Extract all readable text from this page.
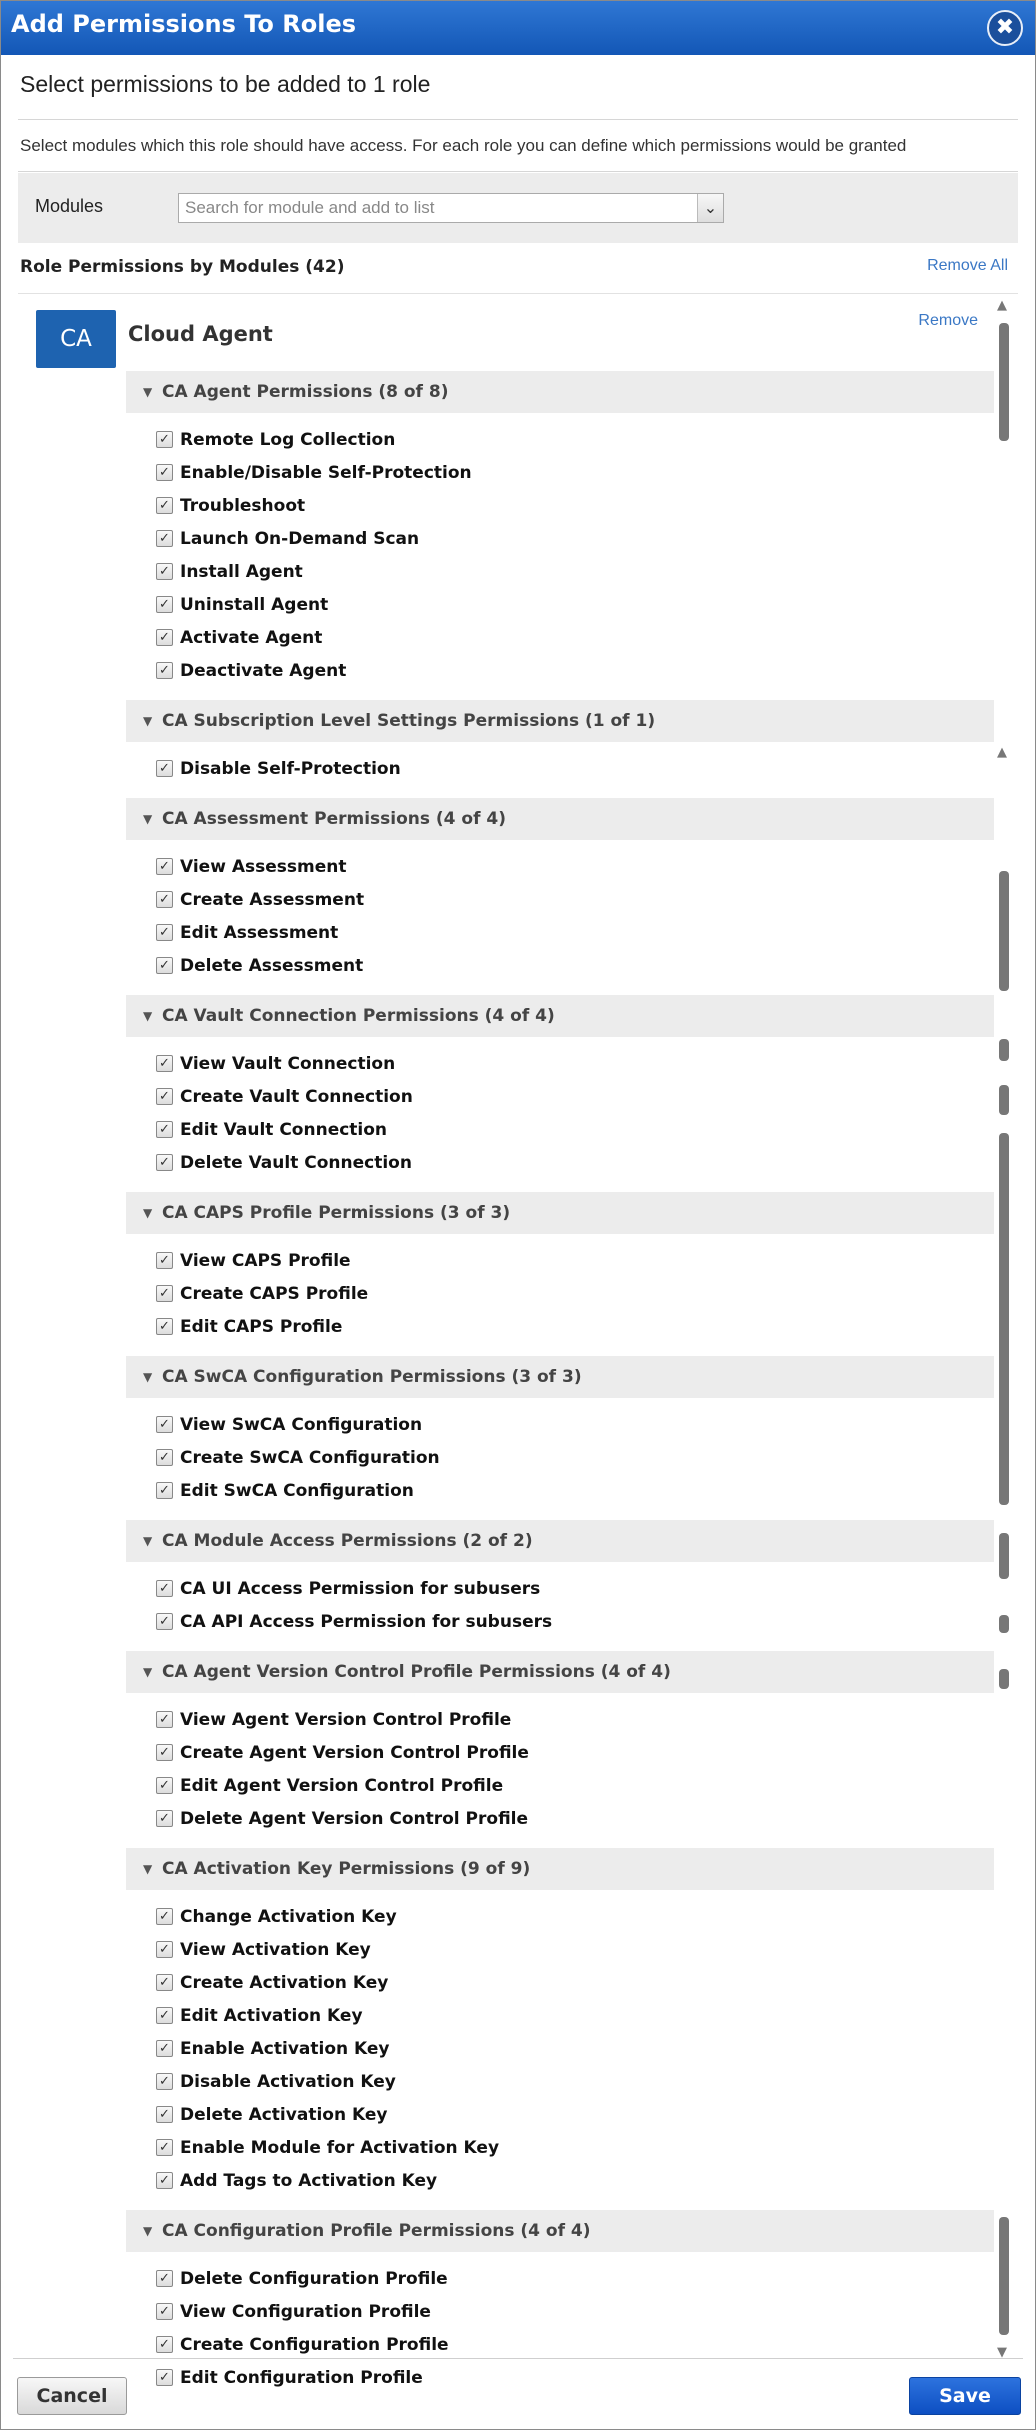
Add Permissions To Roles	✖
Select permissions to be added to 1 role
Select modules which this role should have access. For each role you can define which permissions would be granted
Modules
Search for module and add to list	⌄
Role Permissions by Modules (42)	Remove All
CA	Cloud Agent
Remove
▼ CA Agent Permissions (8 of 8)
✓ Remote Log Collection
✓ Enable/Disable Self-Protection
✓ Troubleshoot
✓ Launch On-Demand Scan
✓ Install Agent
✓ Uninstall Agent
✓ Activate Agent
✓ Deactivate Agent
▼ CA Subscription Level Settings Permissions (1 of 1)
✓ Disable Self-Protection
▼ CA Assessment Permissions (4 of 4)
✓ View Assessment
✓ Create Assessment
✓ Edit Assessment
✓ Delete Assessment
▼ CA Vault Connection Permissions (4 of 4)
✓ View Vault Connection
✓ Create Vault Connection
✓ Edit Vault Connection
✓ Delete Vault Connection
▼ CA CAPS Profile Permissions (3 of 3)
✓ View CAPS Profile
✓ Create CAPS Profile
✓ Edit CAPS Profile
▼ CA SwCA Configuration Permissions (3 of 3)
✓ View SwCA Configuration
✓ Create SwCA Configuration
✓ Edit SwCA Configuration
▼ CA Module Access Permissions (2 of 2)
✓ CA UI Access Permission for subusers
✓ CA API Access Permission for subusers
▼ CA Agent Version Control Profile Permissions (4 of 4)
✓ View Agent Version Control Profile
✓ Create Agent Version Control Profile
✓ Edit Agent Version Control Profile
✓ Delete Agent Version Control Profile
▼ CA Activation Key Permissions (9 of 9)
✓ Change Activation Key
✓ View Activation Key
✓ Create Activation Key
✓ Edit Activation Key
✓ Enable Activation Key
✓ Disable Activation Key
✓ Delete Activation Key
✓ Enable Module for Activation Key
✓ Add Tags to Activation Key
▼ CA Configuration Profile Permissions (4 of 4)
✓ Delete Configuration Profile
✓ View Configuration Profile
✓ Create Configuration Profile
✓ Edit Configuration Profile
▲
▲
▼
Cancel	Save
